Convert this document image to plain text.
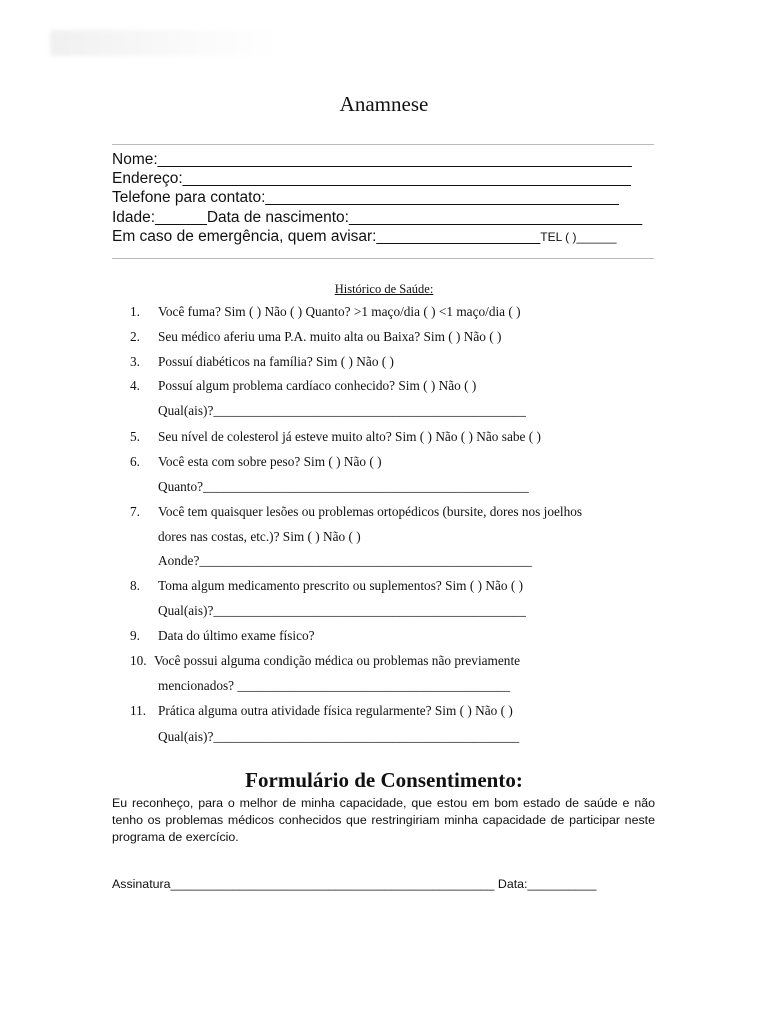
Anamnese
Nome:_______________________________________________________
Endereço:____________________________________________________
Telefone para contato:_________________________________________
Idade:______Data de nascimento:__________________________________
Em caso de emergência, quem avisar:___________________TEL ( )______
Histórico de Saúde:
1. Você fuma? Sim ( ) Não ( ) Quanto? >1 maço/dia ( ) <1 maço/dia ( )
2. Seu médico aferiu uma P.A. muito alta ou Baixa? Sim ( ) Não ( )
3. Possuí diabéticos na família? Sim ( ) Não ( )
4. Possuí algum problema cardíaco conhecido? Sim ( ) Não ( )
Qual(ais)?_______________________________________________
5. Seu nível de colesterol já esteve muito alto? Sim ( ) Não ( ) Não sabe ( )
6. Você esta com sobre peso? Sim ( ) Não ( )
Quanto?_________________________________________________
7. Você tem quaisquer lesões ou problemas ortopédicos (bursite, dores nos joelhos
dores nas costas, etc.)? Sim ( ) Não ( )
Aonde?__________________________________________________
8. Toma algum medicamento prescrito ou suplementos? Sim ( ) Não ( )
Qual(ais)?_______________________________________________
9. Data do último exame físico?
10. Você possui alguma condição médica ou problemas não previamente
mencionados? _________________________________________
11. Prática alguma outra atividade física regularmente? Sim ( ) Não ( )
Qual(ais)?______________________________________________
Formulário de Consentimento:
Eu reconheço, para o melhor de minha capacidade, que estou em bom estado de saúde e não tenho os problemas médicos conhecidos que restringiriam minha capacidade de participar neste programa de exercício.
Assinatura_______________________________________________ Data:__________
